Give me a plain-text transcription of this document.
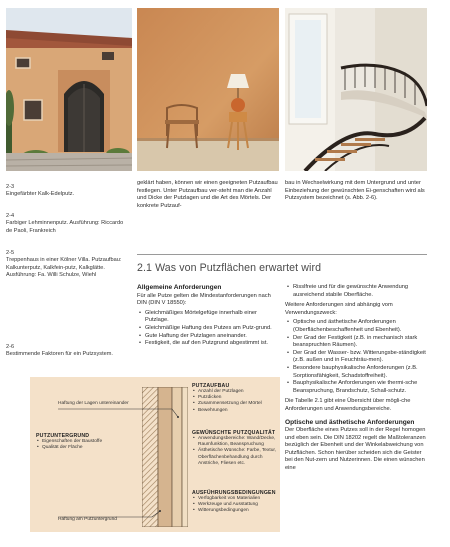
2-3
Eingefärbter Kalk-Edelputz.
2-4
Farbiger Lehminnenputz. Ausführung: Riccardo de Paoli, Frankreich
2-5
Treppenhaus in einer Kölner Villa. Putzaufbau: Kalkunterputz, Kalkfein-putz, Kalkglätte. Ausführung: Fa. Willi Schulze, Wiehl
2-6
Bestimmende Faktoren für ein Putzsystem.
geklärt haben, können wir einen geeigneten Putzaufbau festlegen. Unter Putzaufbau ver-steht man die Anzahl und Dicke der Putzlagen und die Art des Mörtels. Der konkrete Putzauf-
bau in Wechselwirkung mit dem Untergrund und unter Einbeziehung der gewünschten Ei-genschaften wird als Putzsystem bezeichnet (s. Abb. 2-6).
2.1 Was von Putzflächen erwartet wird
Allgemeine Anforderungen

Für alle Putze gelten die Mindestanforderungen nach DIN (DIN V 18550):

• Gleichmäßiges Mörtelgefüge innerhalb einer Putzlage.
• Gleichmäßige Haftung des Putzes am Putz-grund.
• Gute Haftung der Putzlagen aneinander.
• Festigkeit, die auf den Putzgrund abgestimmt ist.
• Risslfreie und für die gewünschte Anwendung ausreichend stabile Oberfläche.

Weitere Anforderungen sind abhängig vom Verwendungszweck:

• Optische und ästhetische Anforderungen (Oberflächenbeschaffenheit und Ebenheit).
• Der Grad der Festigkeit (z.B. in mechanisch stark beanspruchten Räumen).
• Der Grad der Wasser- bzw. Witterungsbe-ständigkeit (z.B. außen und in Feuchträu-men).
• Besondere bauphysikalische Anforderungen (z.B. Sorptionsfähigkeit, Schadstoffreiheit).
• Bauphysikalische Anforderungen wie thermi-sche Beanspruchung, Brandschutz, Schall-schutz.

Die Tabelle 2.1 gibt eine Übersicht über mögli-che Anforderungen und Anwendungsbereiche.

Optische und ästhetische Anforderungen

Der Oberfläche eines Putzes soll in der Regel homogen und eben sein. Die DIN 18202 regelt die Maßtoleranzen bezüglich der Ebenheit und der Winkelabweichung von Putzflächen. Schon hierüber scheiden sich die Geister bei den Nut-zern und Nutzerinnen. Die einen wünschen eine

Haftung der Lagen untereinander
PUTZUNTERGRUND
• Eigenschaften der Baustoffe
• Qualität der Fläche
Haftung am Putzuntergrund
PUTZAUFBAU
• Anzahl der Putzlagen
• Putzdicken
• Zusammensetzung der Mörtel
• Bewehrungen
GEWÜNSCHTE PUTZQUALITÄT
• Anwendungsbereiche: Wand/Decke, Raumfunktion, Beanspruchung
• Ästhetische Wünsche: Farbe, Textur, Oberflächenbehandlung durch Anstriche, Fliesen etc.
AUSFÜHRUNGSBEDINGUNGEN
• Verfügbarkeit von Materialien
• Werkzeuge und Ausstattung
• Witterungsbedingungen
